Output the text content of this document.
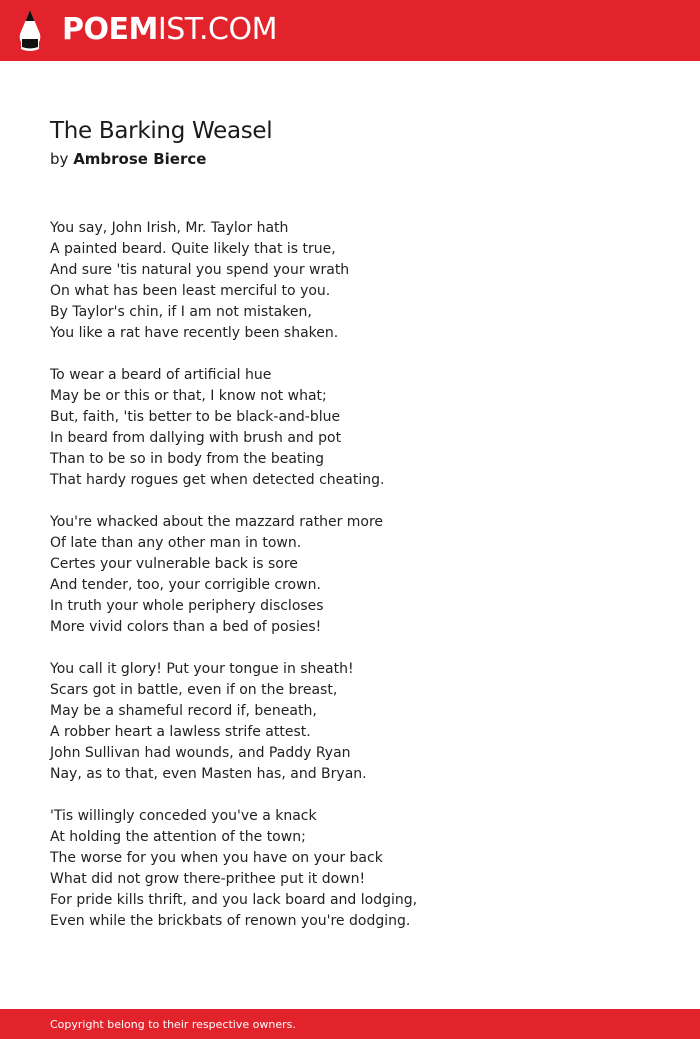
POEMIST.COM
The Barking Weasel
by Ambrose Bierce
You say, John Irish, Mr. Taylor hath
A painted beard. Quite likely that is true,
And sure 'tis natural you spend your wrath
On what has been least merciful to you.
By Taylor's chin, if I am not mistaken,
You like a rat have recently been shaken.
To wear a beard of artificial hue
May be or this or that, I know not what;
But, faith, 'tis better to be black-and-blue
In beard from dallying with brush and pot
Than to be so in body from the beating
That hardy rogues get when detected cheating.
You're whacked about the mazzard rather more
Of late than any other man in town.
Certes your vulnerable back is sore
And tender, too, your corrigible crown.
In truth your whole periphery discloses
More vivid colors than a bed of posies!
You call it glory! Put your tongue in sheath!
Scars got in battle, even if on the breast,
May be a shameful record if, beneath,
A robber heart a lawless strife attest.
John Sullivan had wounds, and Paddy Ryan
Nay, as to that, even Masten has, and Bryan.
'Tis willingly conceded you've a knack
At holding the attention of the town;
The worse for you when you have on your back
What did not grow there-prithee put it down!
For pride kills thrift, and you lack board and lodging,
Even while the brickbats of renown you're dodging.
Copyright belong to their respective owners.
